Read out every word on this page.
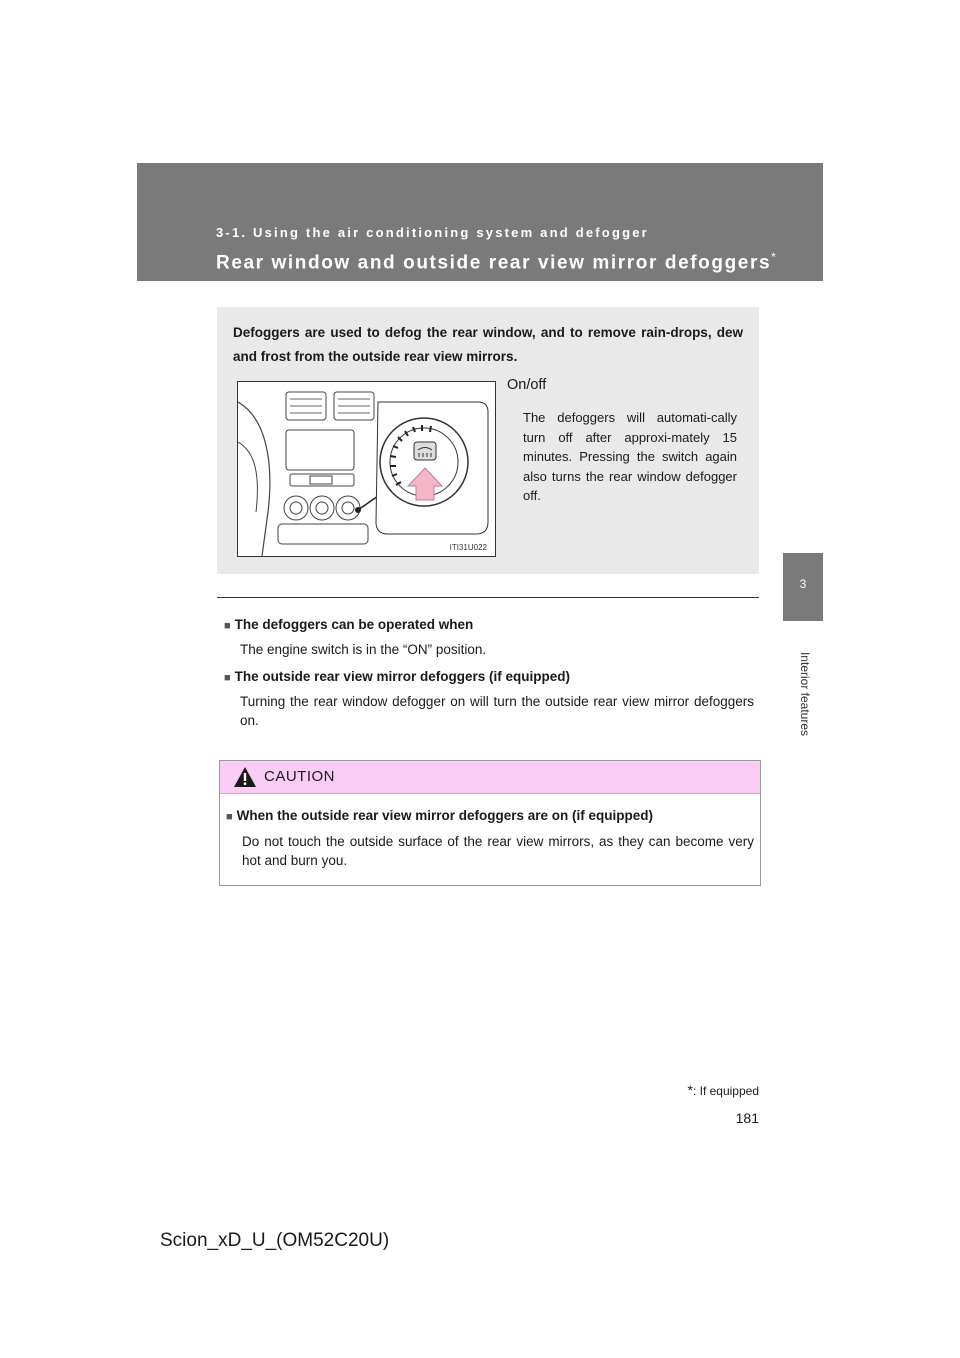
3-1. Using the air conditioning system and defogger
Rear window and outside rear view mirror defoggers*
3
Interior features
Defoggers are used to defog the rear window, and to remove rain-drops, dew and frost from the outside rear view mirrors.
ITI31U022
On/off
The defoggers will automati-cally turn off after approxi-mately 15 minutes. Pressing the switch again also turns the rear window defogger off.
■ The defoggers can be operated when
The engine switch is in the “ON” position.
■ The outside rear view mirror defoggers (if equipped)
Turning the rear window defogger on will turn the outside rear view mirror defoggers on.
CAUTION
■ When the outside rear view mirror defoggers are on (if equipped)
Do not touch the outside surface of the rear view mirrors, as they can become very hot and burn you.
*: If equipped
181
Scion_xD_U_(OM52C20U)
